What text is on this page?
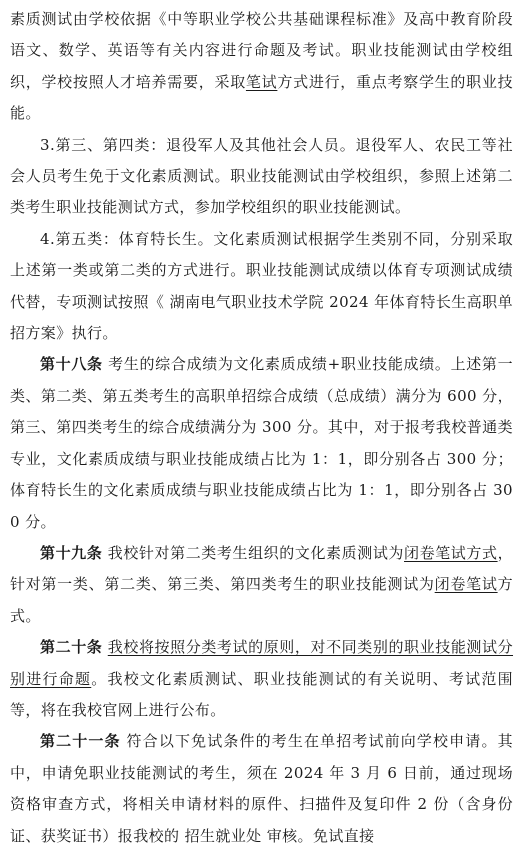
素质测试由学校依据《中等职业学校公共基础课程标准》及高中教育阶段语文、数学、英语等有关内容进行命题及考试。职业技能测试由学校组织，学校按照人才培养需要，采取笔试方式进行，重点考察学生的职业技能。

3.第三、第四类：退役军人及其他社会人员。退役军人、农民工等社会人员考生免于文化素质测试。职业技能测试由学校组织，参照上述第二类考生职业技能测试方式，参加学校组织的职业技能测试。

4.第五类：体育特长生。文化素质测试根据学生类别不同，分别采取上述第一类或第二类的方式进行。职业技能测试成绩以体育专项测试成绩代替，专项测试按照《 湖南电气职业技术学院 2024 年体育特长生高职单招方案》执行。

第十八条 考生的综合成绩为文化素质成绩+职业技能成绩。上述第一类、第二类、第五类考生的高职单招综合成绩（总成绩）满分为 600 分，第三、第四类考生的综合成绩满分为 300 分。其中，对于报考我校普通类专业，文化素质成绩与职业技能成绩占比为 1：1，即分别各占 300 分；体育特长生的文化素质成绩与职业技能成绩占比为 1：1，即分别各占 300 分。

第十九条 我校针对第二类考生组织的文化素质测试为闭卷笔试方式，针对第一类、第二类、第三类、第四类考生的职业技能测试为闭卷笔试方式。

第二十条 我校将按照分类考试的原则，对不同类别的职业技能测试分别进行命题。我校文化素质测试、职业技能测试的有关说明、考试范围等，将在我校官网上进行公布。

第二十一条 符合以下免试条件的考生在单招考试前向学校申请。其中，申请免职业技能测试的考生，须在 2024 年 3 月 6 日前，通过现场资格审查方式，将相关申请材料的原件、扫描件及复印件 2 份（含身份证、获奖证书）报我校的 招生就业处 审核。免试直接
